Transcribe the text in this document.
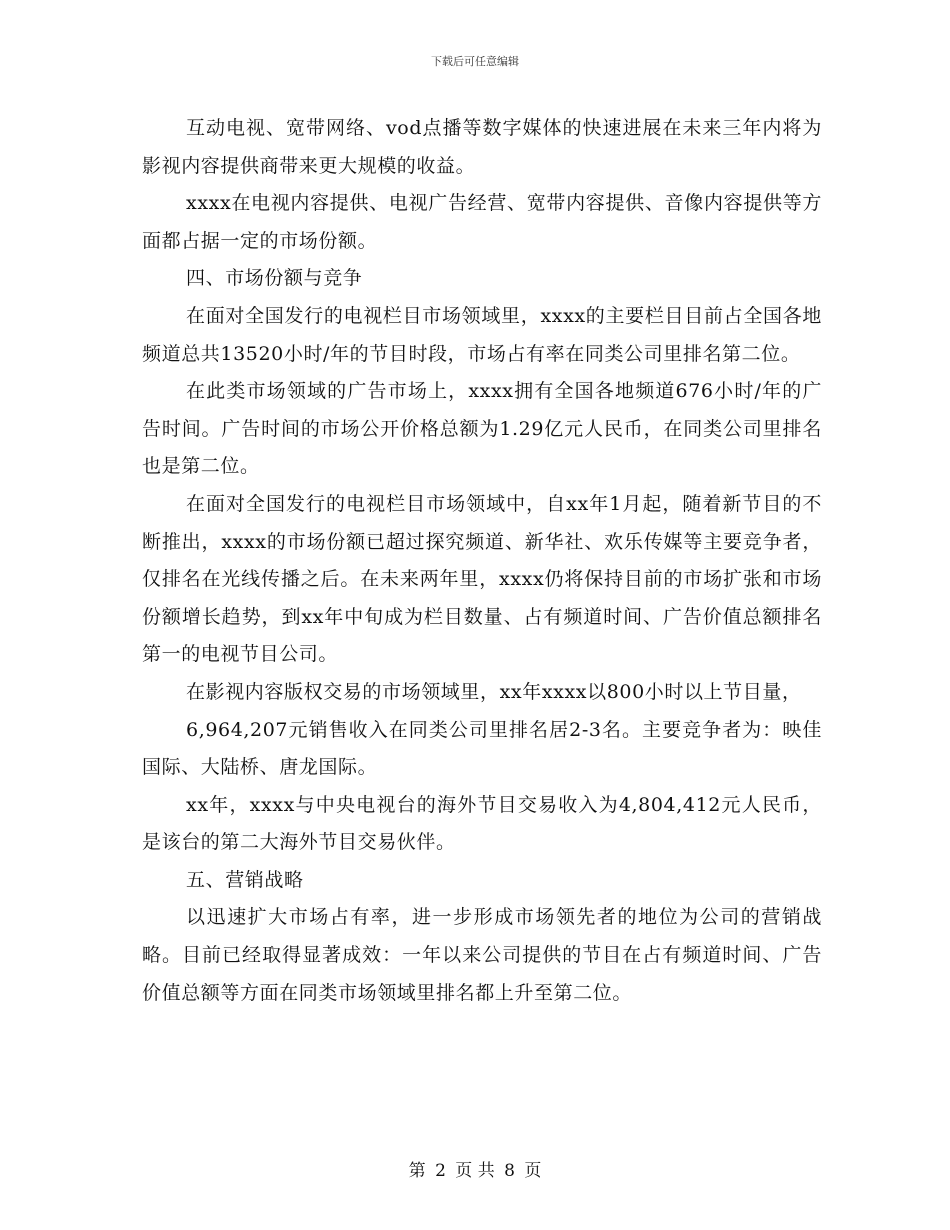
下载后可任意编辑

互动电视、宽带网络、vod点播等数字媒体的快速进展在未来三年内将为影视内容提供商带来更大规模的收益。

xxxx在电视内容提供、电视广告经营、宽带内容提供、音像内容提供等方面都占据一定的市场份额。

四、市场份额与竞争

在面对全国发行的电视栏目市场领域里，xxxx的主要栏目目前占全国各地频道总共13520小时/年的节目时段，市场占有率在同类公司里排名第二位。

在此类市场领域的广告市场上，xxxx拥有全国各地频道676小时/年的广告时间。广告时间的市场公开价格总额为1.29亿元人民币，在同类公司里排名也是第二位。

在面对全国发行的电视栏目市场领域中，自xx年1月起，随着新节目的不断推出，xxxx的市场份额已超过探究频道、新华社、欢乐传媒等主要竞争者，仅排名在光线传播之后。在未来两年里，xxxx仍将保持目前的市场扩张和市场份额增长趋势，到xx年中旬成为栏目数量、占有频道时间、广告价值总额排名第一的电视节目公司。

在影视内容版权交易的市场领域里，xx年xxxx以800小时以上节目量，

6,964,207元销售收入在同类公司里排名居2-3名。主要竞争者为：映佳国际、大陆桥、唐龙国际。

xx年，xxxx与中央电视台的海外节目交易收入为4,804,412元人民币，是该台的第二大海外节目交易伙伴。

五、营销战略

以迅速扩大市场占有率，进一步形成市场领先者的地位为公司的营销战略。目前已经取得显著成效：一年以来公司提供的节目在占有频道时间、广告价值总额等方面在同类市场领域里排名都上升至第二位。

第 2 页 共 8 页
